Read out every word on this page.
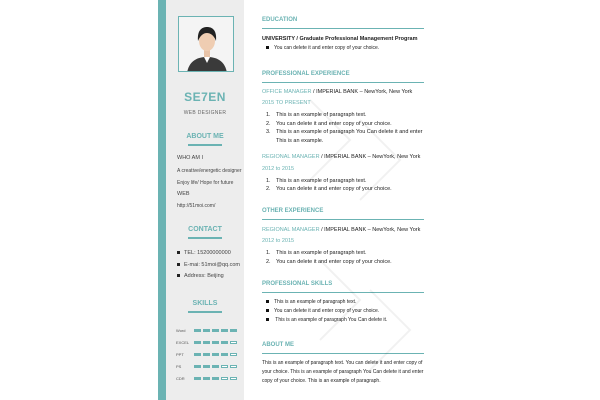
SE7EN
WEB DESIGNER
ABOUT ME
WHO AM I
A creative/energetic designer
Enjoy life/ Hope for future
WEB
http://51moi.com/
CONTACT
TEL: 15200000000
E-mai: 51moi@qq.com
Address: Beijing
SKILLS
Word
EXCEL
PPT
PS
CDR
EDUCATION
UNIVERSITY / Graduate Professional Management Program
You can delete it and enter copy of your choice.
PROFESSIONAL EXPERIENCE
OFFICE MANAGER / IMPERIAL BANK – NewYork, New York
2015 TO PRESENT
1. This is an example of paragraph text.
2. You can delete it and enter copy of your choice.
3. This is an example of paragraph You Can delete it and enter
This is an example.
REGIONAL MANAGER / IMPERIAL BANK – NewYork, New York
2012 to 2015
1. This is an example of paragraph text.
2. You can delete it and enter copy of your choice.
OTHER EXPERIENCE
REGIONAL MANAGER / IMPERIAL BANK – NewYork, New York
2012 to 2015
1. This is an example of paragraph text.
2. You can delete it and enter copy of your choice.
PROFESSIONAL SKILLS
This is an example of paragraph text.
You can delete it and enter copy of your choice.
This is an example of paragraph You Can delete it.
ABOUT ME
This is an example of paragraph text. You can delete it and enter copy of your choice. This is an example of paragraph You Can delete it and enter copy of your choice. This is an example of paragraph.
